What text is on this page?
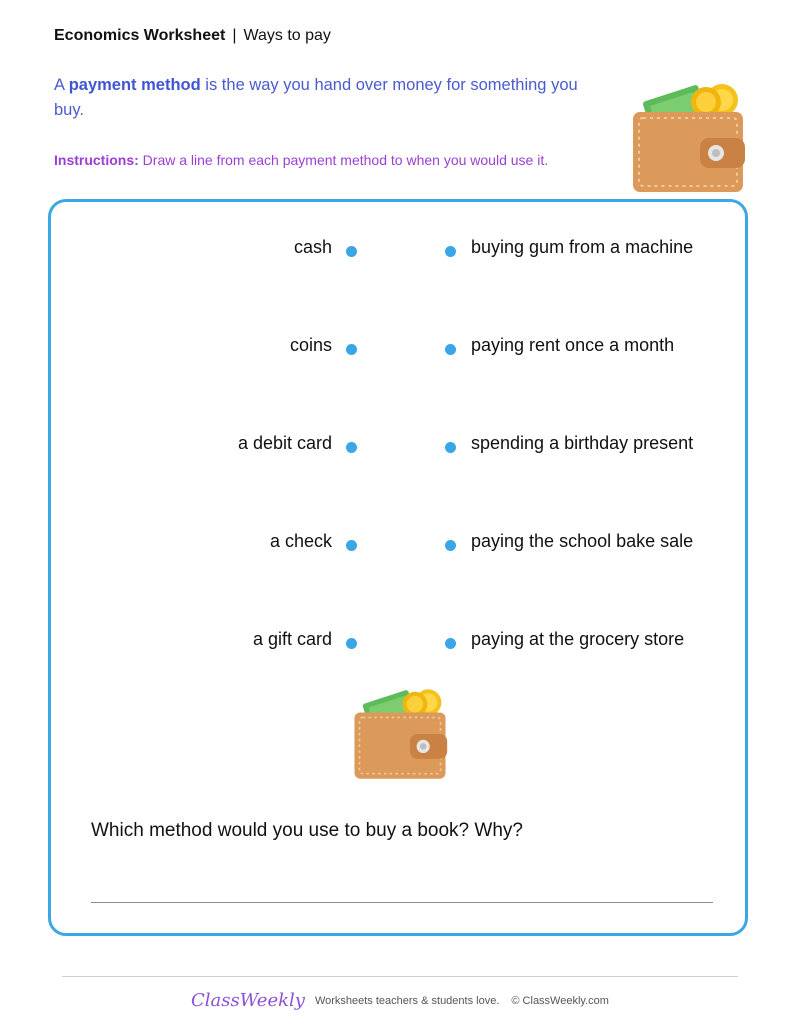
Economics Worksheet | Ways to pay
A payment method is the way you hand over money for something you buy.
Instructions: Draw a line from each payment method to when you would use it.
cash	buying gum from a machine
coins	paying rent once a month
a debit card	spending a birthday present
a check	paying the school bake sale
a gift card	paying at the grocery store
Which method would you use to buy a book? Why?
ClassWeekly Worksheets teachers & students love. © ClassWeekly.com
